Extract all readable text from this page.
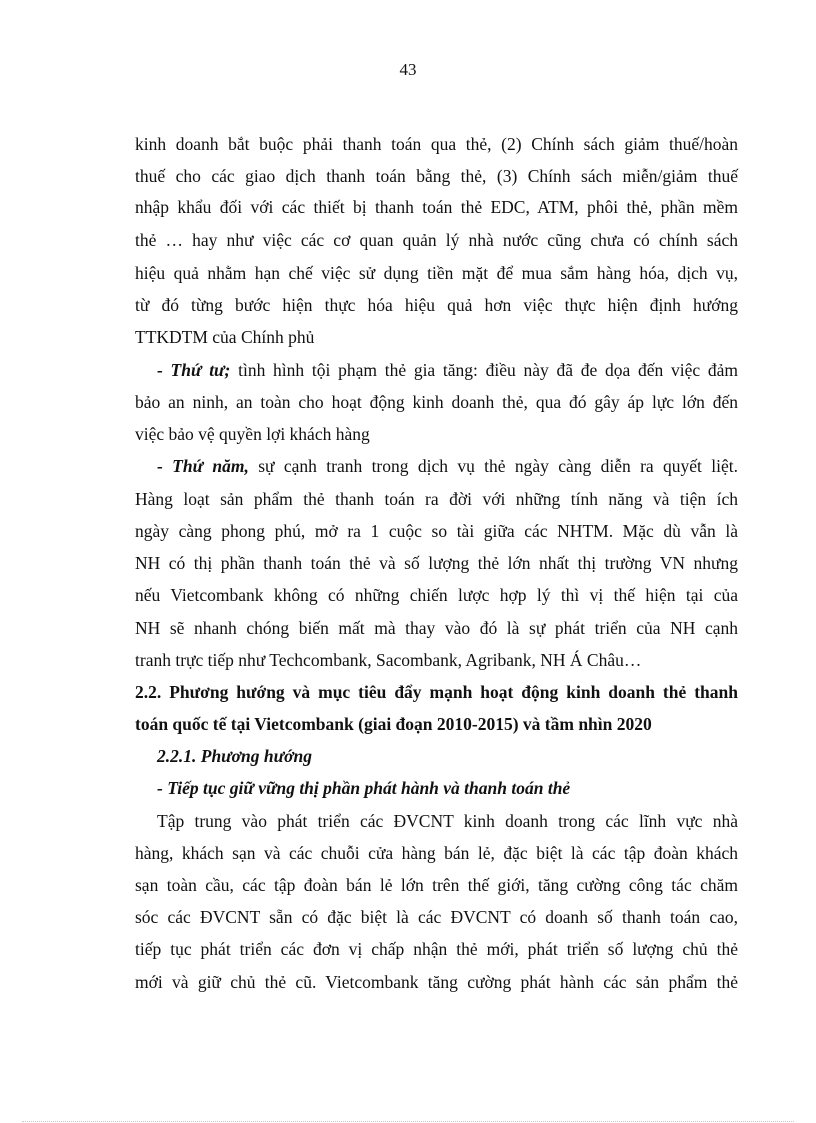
43
kinh doanh bắt buộc phải thanh toán qua thẻ, (2) Chính sách giảm thuế/hoàn
thuế cho các giao dịch thanh toán bằng thẻ, (3) Chính sách miễn/giảm thuế
nhập khẩu đối với các thiết bị thanh toán thẻ EDC, ATM, phôi thẻ, phần mềm
thẻ … hay như việc các cơ quan quản lý nhà nước cũng chưa có chính sách
hiệu quả nhằm hạn chế việc sử dụng tiền mặt để mua sắm hàng hóa, dịch vụ,
từ đó từng bước hiện thực hóa hiệu quả hơn việc thực hiện định hướng
TTKDTM của Chính phủ
- Thứ tư; tình hình tội phạm thẻ gia tăng: điều này đã đe dọa đến việc đảm
bảo an ninh, an toàn cho hoạt động kinh doanh thẻ, qua đó gây áp lực lớn đến
việc bảo vệ quyền lợi khách hàng
- Thứ năm, sự cạnh tranh trong dịch vụ thẻ ngày càng diễn ra quyết liệt.
Hàng loạt sản phẩm thẻ thanh toán ra đời với những tính năng và tiện ích
ngày càng phong phú, mở ra 1 cuộc so tài giữa các NHTM. Mặc dù vẫn là
NH có thị phần thanh toán thẻ và số lượng thẻ lớn nhất thị trường VN nhưng
nếu Vietcombank không có những chiến lược hợp lý thì vị thế hiện tại của
NH sẽ nhanh chóng biến mất mà thay vào đó là sự phát triển của NH cạnh
tranh trực tiếp như Techcombank, Sacombank, Agribank, NH Á Châu…
2.2. Phương hướng và mục tiêu đẩy mạnh hoạt động kinh doanh thẻ thanh
toán quốc tế tại Vietcombank (giai đoạn 2010-2015) và tầm nhìn 2020
2.2.1. Phương hướng
- Tiếp tục giữ vững thị phần phát hành và thanh toán thẻ
Tập trung vào phát triển các ĐVCNT kinh doanh trong các lĩnh vực nhà
hàng, khách sạn và các chuỗi cửa hàng bán lẻ, đặc biệt là các tập đoàn khách
sạn toàn cầu, các tập đoàn bán lẻ lớn trên thế giới, tăng cường công tác chăm
sóc các ĐVCNT sẵn có đặc biệt là các ĐVCNT có doanh số thanh toán cao,
tiếp tục phát triển các đơn vị chấp nhận thẻ mới, phát triển số lượng chủ thẻ
mới và giữ chủ thẻ cũ. Vietcombank tăng cường phát hành các sản phẩm thẻ
